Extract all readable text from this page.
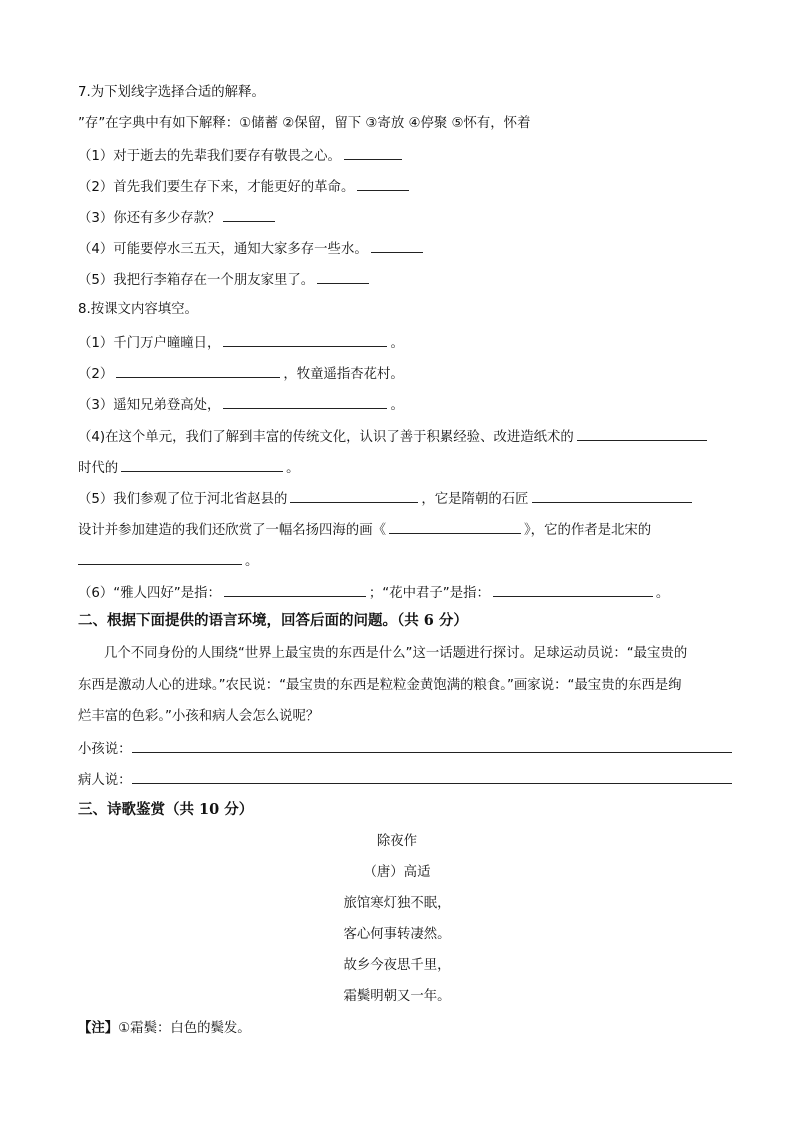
7.为下划线字选择合适的解释。
”存”在字典中有如下解释：①储蓄 ②保留，留下 ③寄放 ④停聚 ⑤怀有，怀着
（1）对于逝去的先辈我们要存有敬畏之心。
（2）首先我们要生存下来，才能更好的革命。
（3）你还有多少存款？
（4）可能要停水三五天，通知大家多存一些水。
（5）我把行李箱存在一个朋友家里了。
8.按课文内容填空。
（1）千门万户曈曈日，	。
（2）	，牧童遥指杏花村。
（3）遥知兄弟登高处，	。
（4)在这个单元，我们了解到丰富的传统文化，认识了善于积累经验、改进造纸术的
时代的	。
（5）我们参观了位于河北省赵县的	，它是隋朝的石匠
设计并参加建造的我们还欣赏了一幅名扬四海的画《	》，它的作者是北宋的
。
（6）“雅人四好”是指：	；“花中君子”是指：	。
二、根据下面提供的语言环境，回答后面的问题。（共 6 分）
几个不同身份的人围绕“世界上最宝贵的东西是什么”这一话题进行探讨。足球运动员说：“最宝贵的
东西是激动人心的进球。”农民说：“最宝贵的东西是粒粒金黄饱满的粮食。”画家说：“最宝贵的东西是绚
烂丰富的色彩。”小孩和病人会怎么说呢？
小孩说：
病人说：
三、诗歌鉴赏（共 10 分）
除夜作
（唐）高适
旅馆寒灯独不眠，
客心何事转凄然。
故乡今夜思千里，
霜鬓明朝又一年。
【注】①霜鬓：白色的鬓发。
